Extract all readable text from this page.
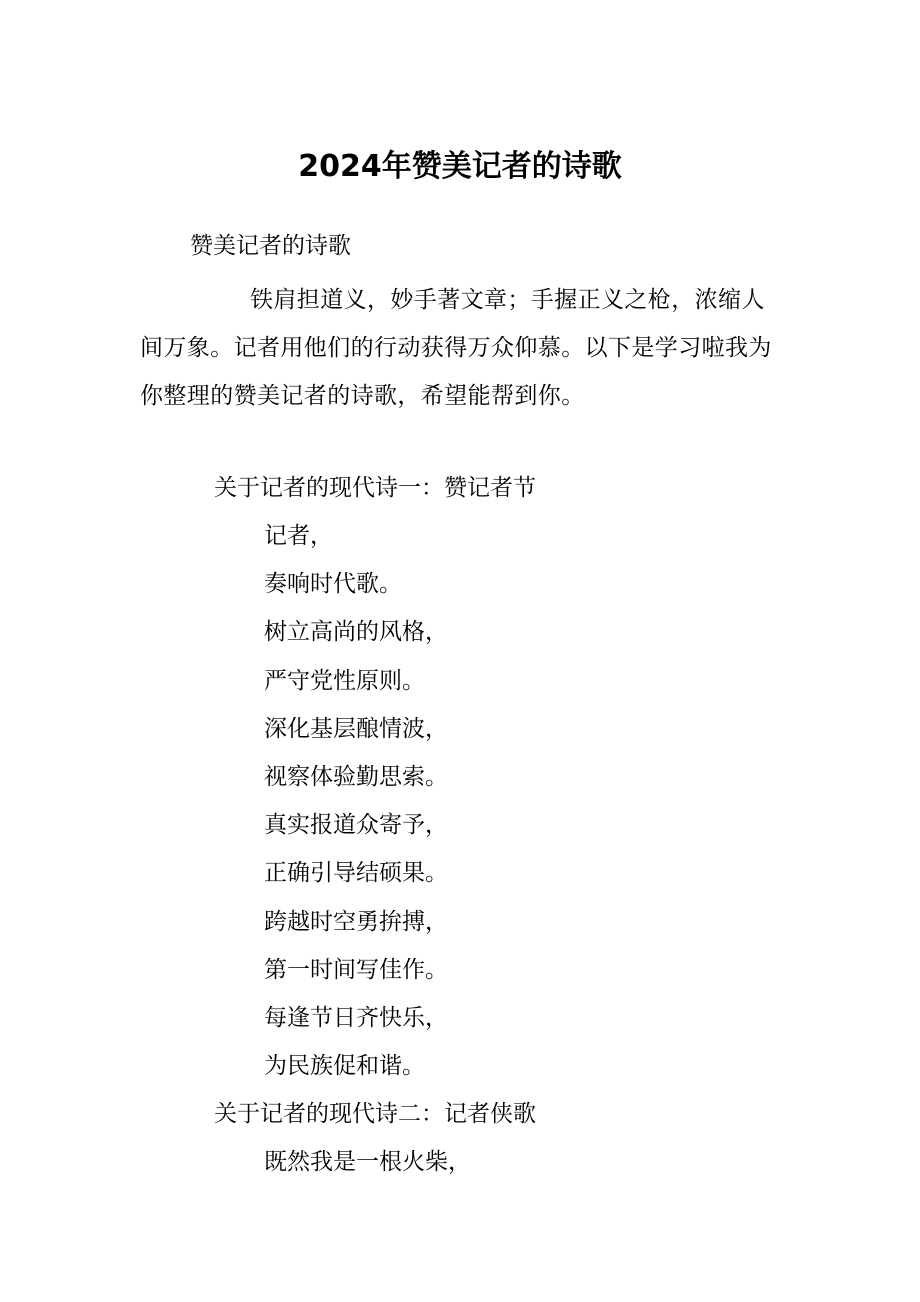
2024年赞美记者的诗歌
赞美记者的诗歌

铁肩担道义，妙手著文章；手握正义之枪，浓缩人间万象。记者用他们的行动获得万众仰慕。以下是学习啦我为你整理的赞美记者的诗歌，希望能帮到你。

关于记者的现代诗一：赞记者节
记者，
奏响时代歌。
树立高尚的风格，
严守党性原则。
深化基层酿情波，
视察体验勤思索。
真实报道众寄予，
正确引导结硕果。
跨越时空勇拚搏，
第一时间写佳作。
每逢节日齐快乐，
为民族促和谐。
关于记者的现代诗二：记者侠歌
既然我是一根火柴，
